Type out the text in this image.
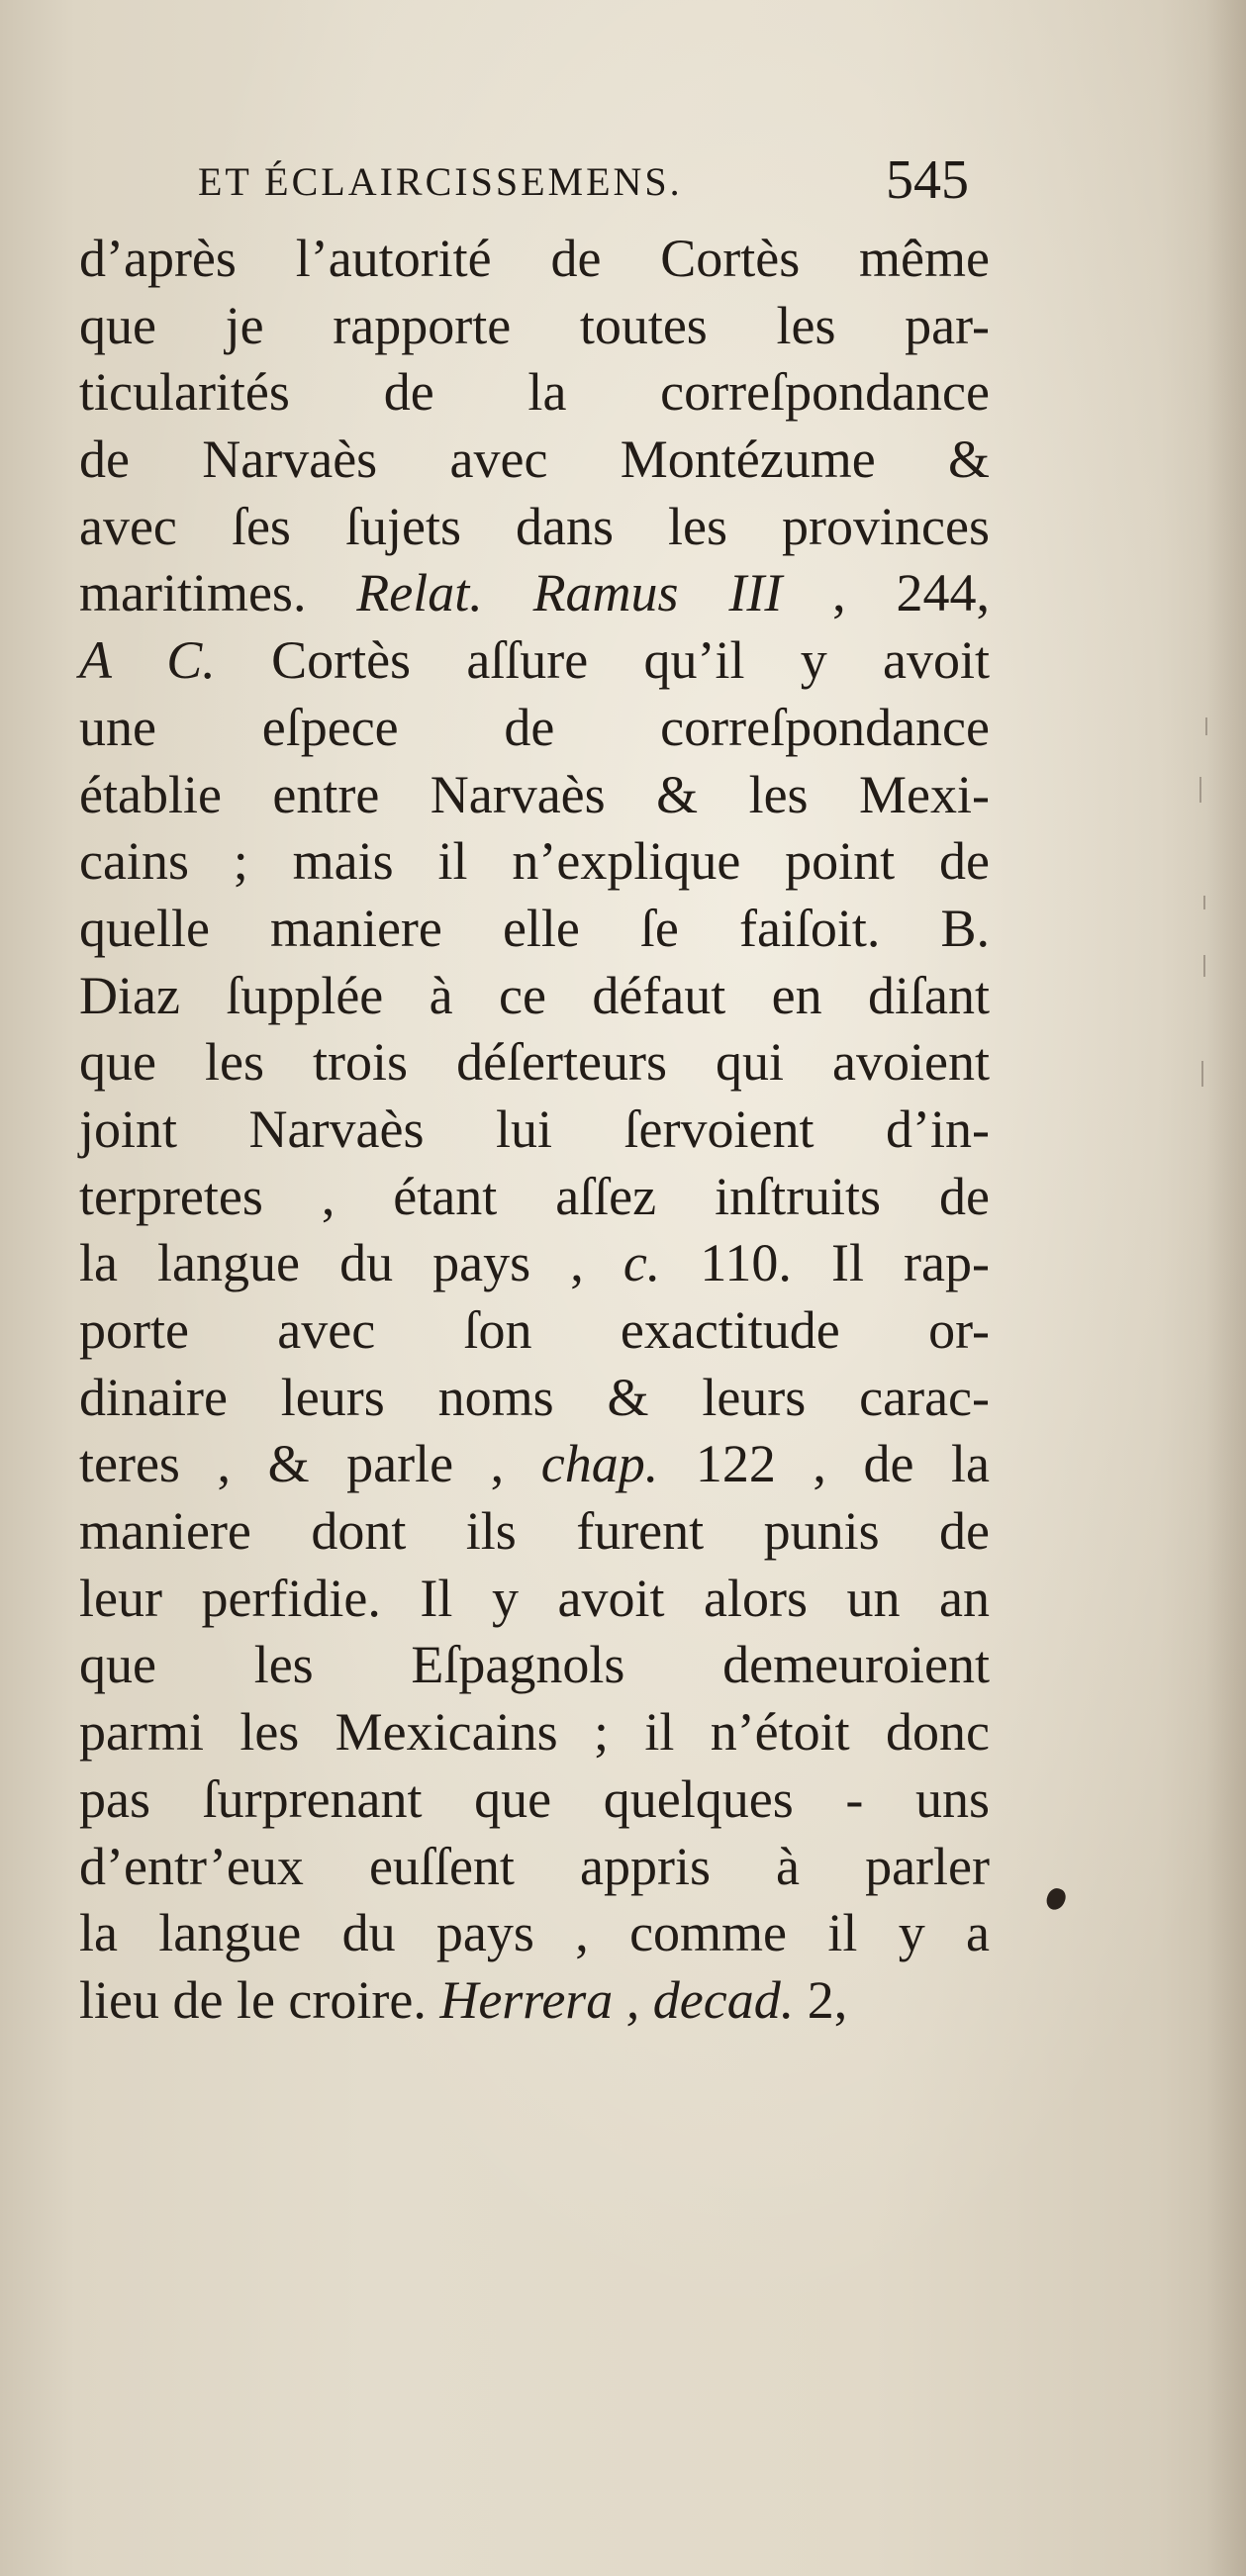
ET ÉCLAIRCISSEMENS.	545
d’après l’autorité de Cortès même
que je rapporte toutes les par-
ticularités de la correſpondance
de Narvaès avec Montézume &
avec ſes ſujets dans les provinces
maritimes. Relat. Ramus III , 244,
A C. Cortès aſſure qu’il y avoit
une eſpece de correſpondance
établie entre Narvaès & les Mexi-
cains ; mais il n’explique point de
quelle maniere elle ſe faiſoit. B.
Diaz ſupplée à ce défaut en diſant
que les trois déſerteurs qui avoient
joint Narvaès lui ſervoient d’in-
terpretes , étant aſſez inſtruits de
la langue du pays , c. 110. Il rap-
porte avec ſon exactitude or-
dinaire leurs noms & leurs carac-
teres , & parle , chap. 122 , de la
maniere dont ils furent punis de
leur perfidie. Il y avoit alors un an
que les Eſpagnols demeuroient
parmi les Mexicains ; il n’étoit donc
pas ſurprenant que quelques - uns
d’entr’eux euſſent appris à parler
la langue du pays , comme il y a
lieu de le croire. Herrera , decad. 2,
